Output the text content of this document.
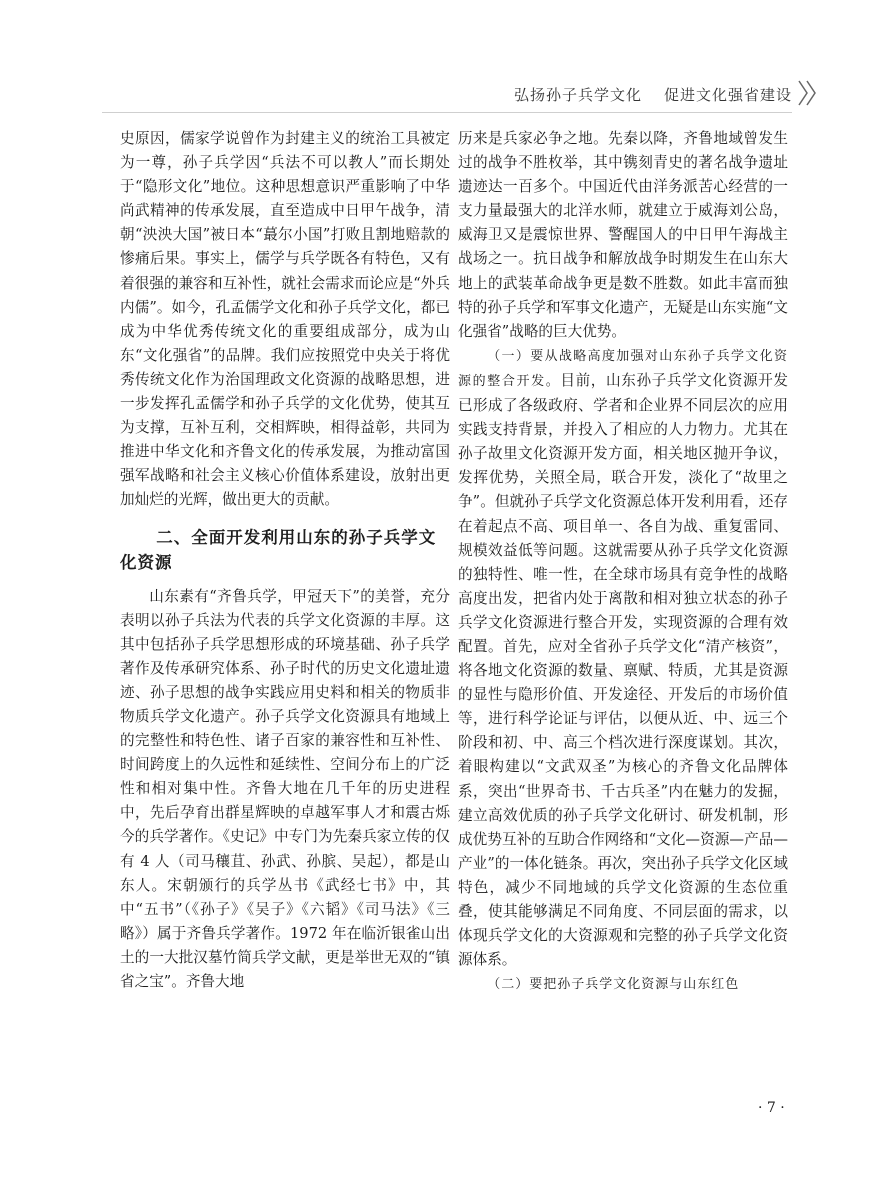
弘扬孙子兵学文化 促进文化强省建设

史原因，儒家学说曾作为封建主义的统治工具被定为一尊，孙子兵学因“兵法不可以教人”而长期处于“隐形文化”地位。这种思想意识严重影响了中华尚武精神的传承发展，直至造成中日甲午战争，清朝“泱泱大国”被日本“蕞尔小国”打败且割地赔款的惨痛后果。事实上，儒学与兵学既各有特色，又有着很强的兼容和互补性，就社会需求而论应是“外兵内儒”。如今，孔孟儒学文化和孙子兵学文化，都已成为中华优秀传统文化的重要组成部分，成为山东“文化强省”的品牌。我们应按照党中央关于将优秀传统文化作为治国理政文化资源的战略思想，进一步发挥孔孟儒学和孙子兵学的文化优势，使其互为支撑，互补互利，交相辉映，相得益彰，共同为推进中华文化和齐鲁文化的传承发展，为推动富国强军战略和社会主义核心价值体系建设，放射出更加灿烂的光辉，做出更大的贡献。

二、全面开发利用山东的孙子兵学文化资源

山东素有“齐鲁兵学，甲冠天下”的美誉，充分表明以孙子兵法为代表的兵学文化资源的丰厚。这其中包括孙子兵学思想形成的环境基础、孙子兵学著作及传承研究体系、孙子时代的历史文化遗址遗迹、孙子思想的战争实践应用史料和相关的物质非物质兵学文化遗产。孙子兵学文化资源具有地域上的完整性和特色性、诸子百家的兼容性和互补性、时间跨度上的久远性和延续性、空间分布上的广泛性和相对集中性。齐鲁大地在几千年的历史进程中，先后孕育出群星辉映的卓越军事人才和震古烁今的兵学著作。《史记》中专门为先秦兵家立传的仅有 4 人（司马穰苴、孙武、孙膑、吴起），都是山东人。宋朝颁行的兵学丛书《武经七书》中，其中“五书”（《孙子》《吴子》《六韬》《司马法》《三略》）属于齐鲁兵学著作。1972 年在临沂银雀山出土的一大批汉墓竹简兵学文献，更是举世无双的“镇省之宝”。齐鲁大地

历来是兵家必争之地。先秦以降，齐鲁地域曾发生过的战争不胜枚举，其中镌刻青史的著名战争遗址遗迹达一百多个。中国近代由洋务派苦心经营的一支力量最强大的北洋水师，就建立于威海刘公岛，威海卫又是震惊世界、警醒国人的中日甲午海战主战场之一。抗日战争和解放战争时期发生在山东大地上的武装革命战争更是数不胜数。如此丰富而独特的孙子兵学和军事文化遗产，无疑是山东实施“文化强省”战略的巨大优势。

（一）要从战略高度加强对山东孙子兵学文化资源的整合开发。目前，山东孙子兵学文化资源开发已形成了各级政府、学者和企业界不同层次的应用实践支持背景，并投入了相应的人力物力。尤其在孙子故里文化资源开发方面，相关地区抛开争议，发挥优势，关照全局，联合开发，淡化了“故里之争”。但就孙子兵学文化资源总体开发利用看，还存在着起点不高、项目单一、各自为战、重复雷同、规模效益低等问题。这就需要从孙子兵学文化资源的独特性、唯一性，在全球市场具有竞争性的战略高度出发，把省内处于离散和相对独立状态的孙子兵学文化资源进行整合开发，实现资源的合理有效配置。首先，应对全省孙子兵学文化“清产核资”，将各地文化资源的数量、禀赋、特质，尤其是资源的显性与隐形价值、开发途径、开发后的市场价值等，进行科学论证与评估，以便从近、中、远三个阶段和初、中、高三个档次进行深度谋划。其次，着眼构建以“文武双圣”为核心的齐鲁文化品牌体系，突出“世界奇书、千古兵圣”内在魅力的发掘，建立高效优质的孙子兵学文化研讨、研发机制，形成优势互补的互助合作网络和“文化—资源—产品—产业”的一体化链条。再次，突出孙子兵学文化区域特色，减少不同地域的兵学文化资源的生态位重叠，使其能够满足不同角度、不同层面的需求，以体现兵学文化的大资源观和完整的孙子兵学文化资源体系。

（二）要把孙子兵学文化资源与山东红色

· 7 ·
